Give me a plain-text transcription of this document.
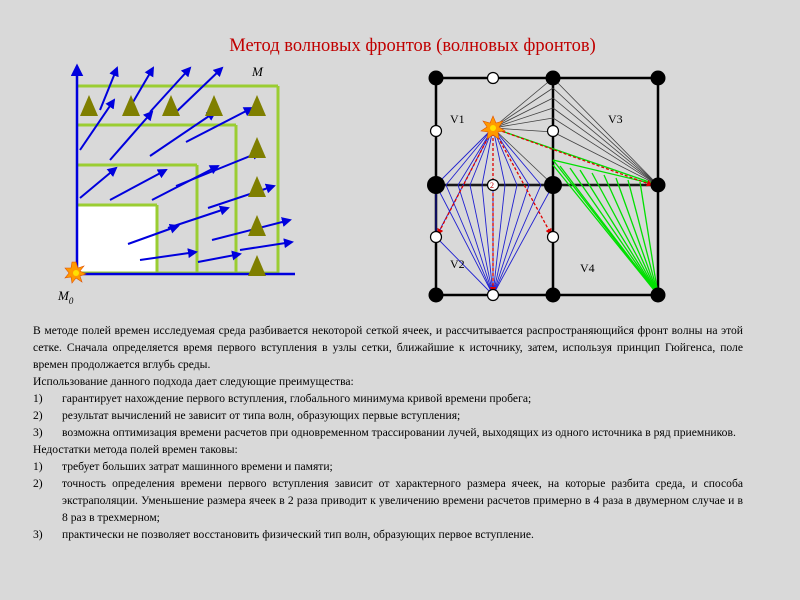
Метод волновых фронтов (волновых фронтов)
M
$M_0$
2
V1	V3
V2	V4

В методе полей времен исследуемая среда разбивается некоторой сеткой ячеек, и рассчитывается распространяющийся фронт волны на этой сетке. Сначала определяется время первого вступления в узлы сетки, ближайшие к источнику, затем, используя принцип Гюйгенса, поле времен продолжается вглубь среды.

Использование данного подхода дает следующие преимущества:

1) гарантирует нахождение первого вступления, глобального минимума кривой времени пробега;
2) результат вычислений не зависит от типа волн, образующих первые вступления;
3) возможна оптимизация времени расчетов при одновременном трассировании лучей, выходящих из одного источника в ряд приемников.

Недостатки метода полей времен таковы:

1) требует больших затрат машинного времени и памяти;
2) точность определения времени первого вступления зависит от характерного размера ячеек, на которые разбита среда, и способа экстраполяции. Уменьшение размера ячеек в 2 раза приводит к увеличению времени расчетов примерно в 4 раза в двумерном случае и в 8 раз в трехмерном;
3) практически не позволяет восстановить физический тип волн, образующих первое вступление.
